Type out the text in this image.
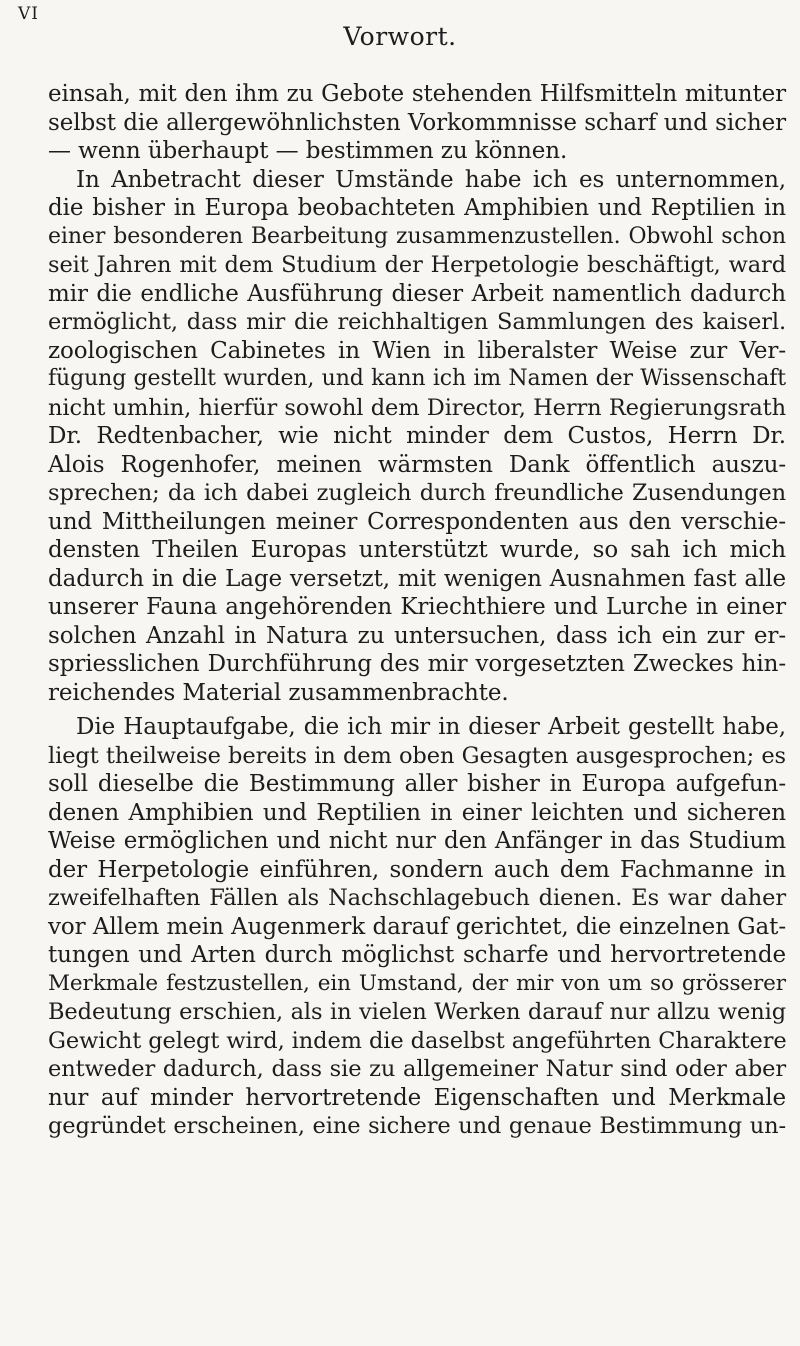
VI
Vorwort.
einsah, mit den ihm zu Gebote stehenden Hilfsmitteln mitunter
selbst die allergewöhnlichsten Vorkommnisse scharf und sicher
— wenn überhaupt — bestimmen zu können.
In Anbetracht dieser Umstände habe ich es unternommen,
die bisher in Europa beobachteten Amphibien und Reptilien in
einer besonderen Bearbeitung zusammenzustellen. Obwohl schon
seit Jahren mit dem Studium der Herpetologie beschäftigt, ward
mir die endliche Ausführung dieser Arbeit namentlich dadurch
ermöglicht, dass mir die reichhaltigen Sammlungen des kaiserl.
zoologischen Cabinetes in Wien in liberalster Weise zur Ver-
fügung gestellt wurden, und kann ich im Namen der Wissenschaft
nicht umhin, hierfür sowohl dem Director, Herrn Regierungsrath
Dr. Redtenbacher, wie nicht minder dem Custos, Herrn Dr.
Alois Rogenhofer, meinen wärmsten Dank öffentlich auszu-
sprechen; da ich dabei zugleich durch freundliche Zusendungen
und Mittheilungen meiner Correspondenten aus den verschie-
densten Theilen Europas unterstützt wurde, so sah ich mich
dadurch in die Lage versetzt, mit wenigen Ausnahmen fast alle
unserer Fauna angehörenden Kriechthiere und Lurche in einer
solchen Anzahl in Natura zu untersuchen, dass ich ein zur er-
spriesslichen Durchführung des mir vorgesetzten Zweckes hin-
reichendes Material zusammenbrachte.
Die Hauptaufgabe, die ich mir in dieser Arbeit gestellt habe,
liegt theilweise bereits in dem oben Gesagten ausgesprochen; es
soll dieselbe die Bestimmung aller bisher in Europa aufgefun-
denen Amphibien und Reptilien in einer leichten und sicheren
Weise ermöglichen und nicht nur den Anfänger in das Studium
der Herpetologie einführen, sondern auch dem Fachmanne in
zweifelhaften Fällen als Nachschlagebuch dienen. Es war daher
vor Allem mein Augenmerk darauf gerichtet, die einzelnen Gat-
tungen und Arten durch möglichst scharfe und hervortretende
Merkmale festzustellen, ein Umstand, der mir von um so grösserer
Bedeutung erschien, als in vielen Werken darauf nur allzu wenig
Gewicht gelegt wird, indem die daselbst angeführten Charaktere
entweder dadurch, dass sie zu allgemeiner Natur sind oder aber
nur auf minder hervortretende Eigenschaften und Merkmale
gegründet erscheinen, eine sichere und genaue Bestimmung un-
